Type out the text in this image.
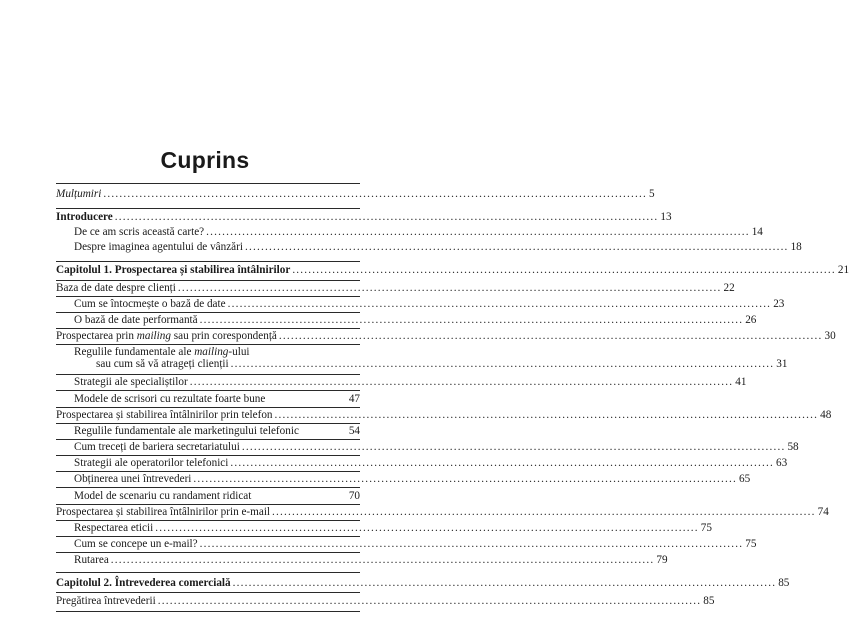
Cuprins
Mulțumiri ........................................................................................................................................ 5
Introducere ........................................................................................................................................ 13
De ce am scris această carte? ........................................................................................................................................ 14
Despre imaginea agentului de vânzări ........................................................................................................................................ 18
Capitolul 1. Prospectarea și stabilirea întâlnirilor ........................................................................................................................................ 21
Baza de date despre clienți ........................................................................................................................................ 22
Cum se întocmește o bază de date ........................................................................................................................................ 23
O bază de date performantă ........................................................................................................................................ 26
Prospectarea prin mailing sau prin corespondență ........................................................................................................................................ 30
Regulile fundamentale ale mailing-ului
sau cum să vă atrageți clienții ........................................................................................................................................ 31
Strategii ale specialiștilor ........................................................................................................................................ 41
Modele de scrisori cu rezultate foarte bune	47
Prospectarea și stabilirea întâlnirilor prin telefon ........................................................................................................................................ 48
Regulile fundamentale ale marketingului telefonic	54
Cum treceți de bariera secretariatului ........................................................................................................................................ 58
Strategii ale operatorilor telefonici ........................................................................................................................................ 63
Obținerea unei întrevederi ........................................................................................................................................ 65
Model de scenariu cu randament ridicat	70
Prospectarea și stabilirea întâlnirilor prin e-mail ........................................................................................................................................ 74
Respectarea eticii ........................................................................................................................................ 75
Cum se concepe un e-mail? ........................................................................................................................................ 75
Rutarea ........................................................................................................................................ 79
Capitolul 2. Întrevederea comercială ........................................................................................................................................ 85
Pregătirea întrevederii ........................................................................................................................................ 85
